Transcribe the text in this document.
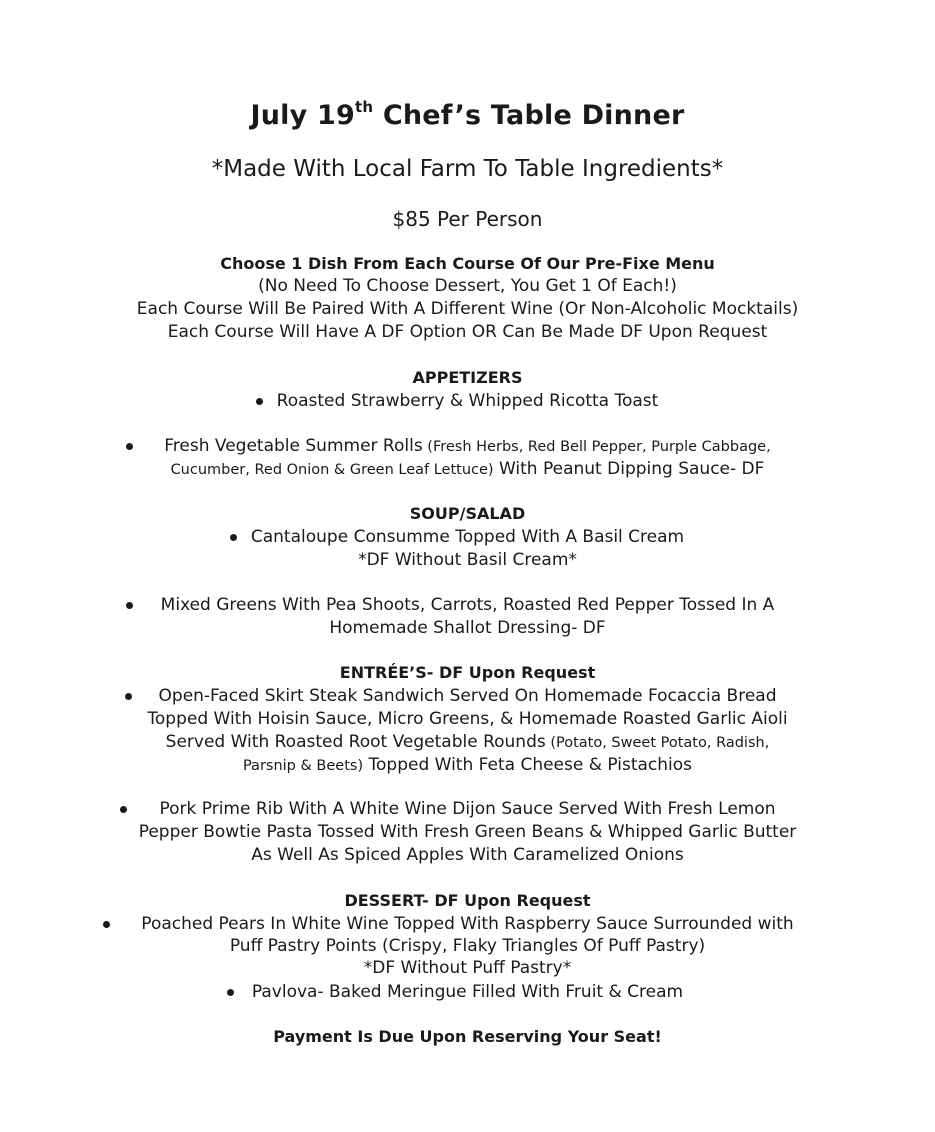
July 19th Chef’s Table Dinner
*Made With Local Farm To Table Ingredients*
$85 Per Person
Choose 1 Dish From Each Course Of Our Pre-Fixe Menu
(No Need To Choose Dessert, You Get 1 Of Each!)
Each Course Will Be Paired With A Different Wine (Or Non-Alcoholic Mocktails)
Each Course Will Have A DF Option OR Can Be Made DF Upon Request
APPETIZERS
Roasted Strawberry & Whipped Ricotta Toast
Fresh Vegetable Summer Rolls (Fresh Herbs, Red Bell Pepper, Purple Cabbage,
Cucumber, Red Onion & Green Leaf Lettuce) With Peanut Dipping Sauce- DF
SOUP/SALAD
Cantaloupe Consumme Topped With A Basil Cream
*DF Without Basil Cream*
Mixed Greens With Pea Shoots, Carrots, Roasted Red Pepper Tossed In A
Homemade Shallot Dressing- DF
ENTRÉE’S- DF Upon Request
Open-Faced Skirt Steak Sandwich Served On Homemade Focaccia Bread
Topped With Hoisin Sauce, Micro Greens, & Homemade Roasted Garlic Aioli
Served With Roasted Root Vegetable Rounds (Potato, Sweet Potato, Radish,
Parsnip & Beets) Topped With Feta Cheese & Pistachios
Pork Prime Rib With A White Wine Dijon Sauce Served With Fresh Lemon
Pepper Bowtie Pasta Tossed With Fresh Green Beans & Whipped Garlic Butter
As Well As Spiced Apples With Caramelized Onions
DESSERT- DF Upon Request
Poached Pears In White Wine Topped With Raspberry Sauce Surrounded with
Puff Pastry Points (Crispy, Flaky Triangles Of Puff Pastry)
*DF Without Puff Pastry*
Pavlova- Baked Meringue Filled With Fruit & Cream
Payment Is Due Upon Reserving Your Seat!
